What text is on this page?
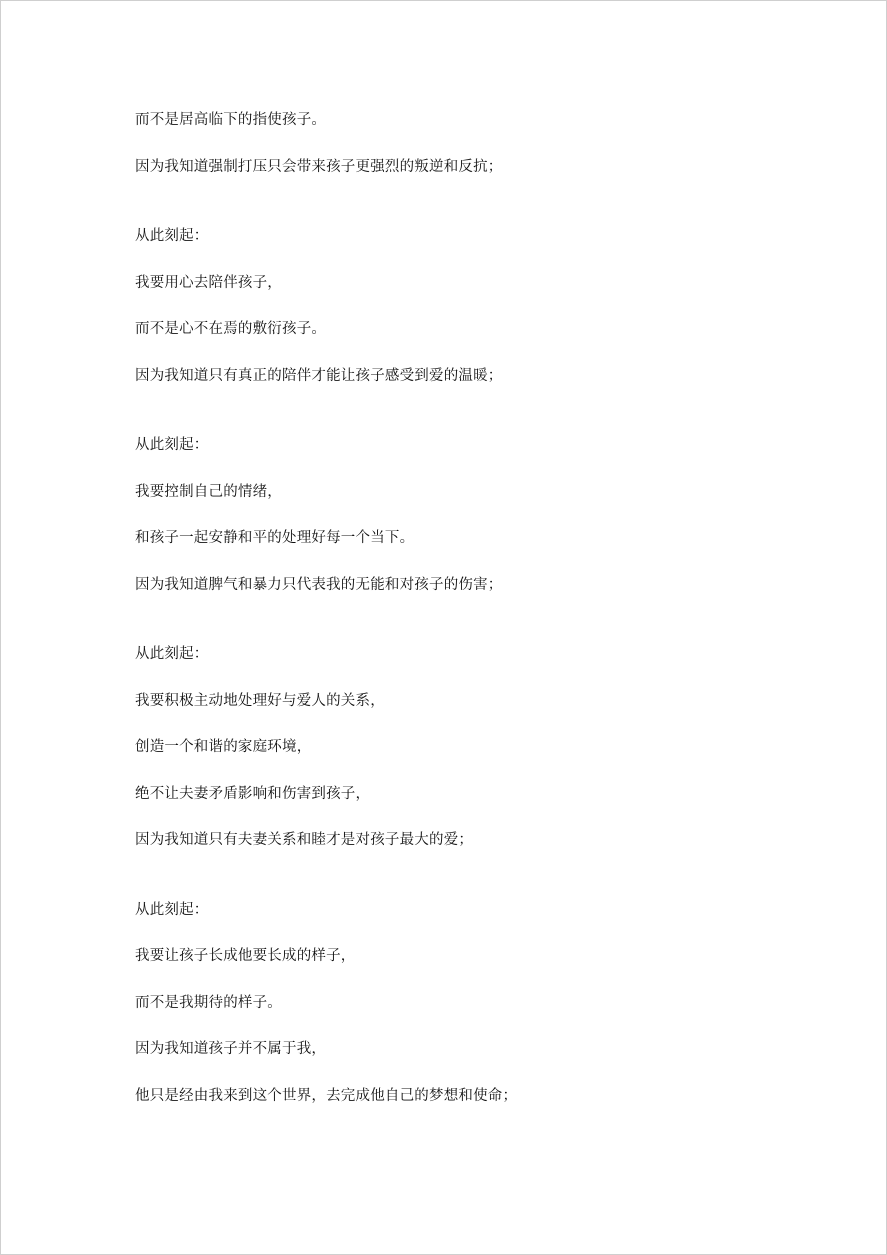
而不是居高临下的指使孩子。
因为我知道强制打压只会带来孩子更强烈的叛逆和反抗；
从此刻起：
我要用心去陪伴孩子，
而不是心不在焉的敷衍孩子。
因为我知道只有真正的陪伴才能让孩子感受到爱的温暖；
从此刻起：
我要控制自己的情绪，
和孩子一起安静和平的处理好每一个当下。
因为我知道脾气和暴力只代表我的无能和对孩子的伤害；
从此刻起：
我要积极主动地处理好与爱人的关系，
创造一个和谐的家庭环境，
绝不让夫妻矛盾影响和伤害到孩子，
因为我知道只有夫妻关系和睦才是对孩子最大的爱；
从此刻起：
我要让孩子长成他要长成的样子，
而不是我期待的样子。
因为我知道孩子并不属于我，
他只是经由我来到这个世界，去完成他自己的梦想和使命；
